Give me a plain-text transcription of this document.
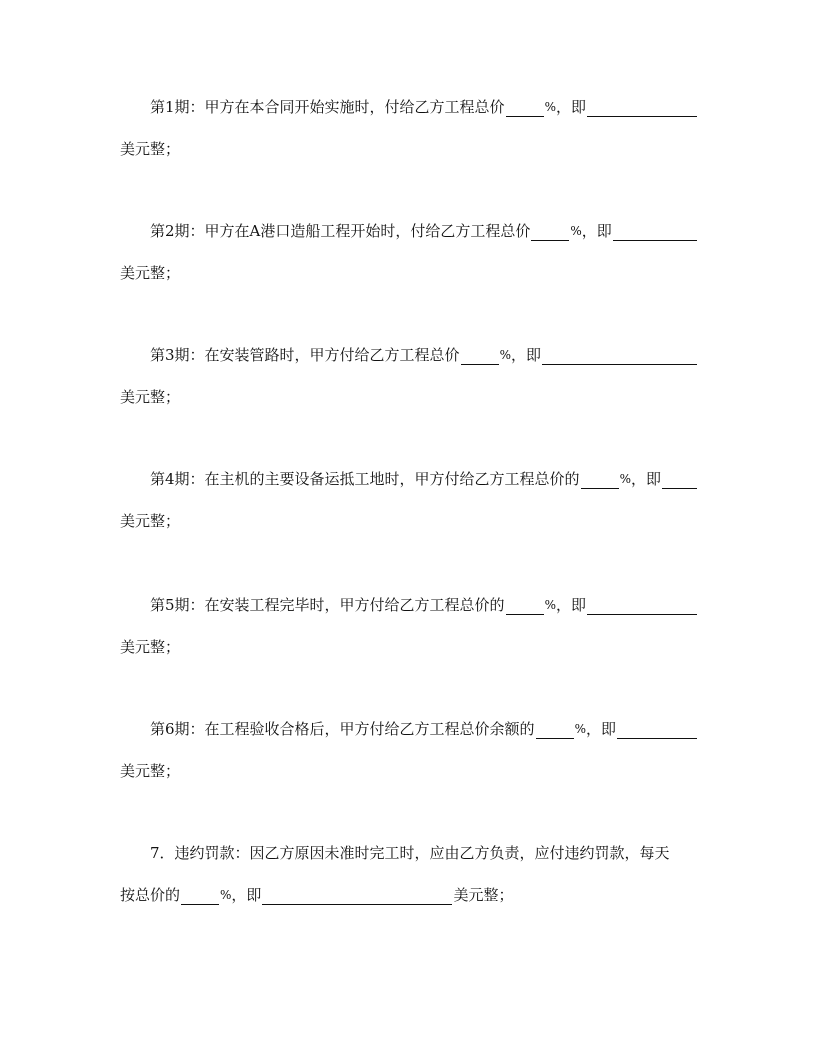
第1期 ：甲方在本合同开始实施时，付给乙方工程总价	% ，即
美元整；
第2期 ：甲方在A港口造船工程开始时，付给乙方工程总价	% ，即
美元整；
第3期 ：在安装管路时，甲方付给乙方工程总价	% ，即
美元整；
第4期 ：在主机的主要设备运抵工地时，甲方付给乙方工程总价的	% ，即
美元整；
第5期 ：在安装工程完毕时，甲方付给乙方工程总价的	% ，即
美元整；
第6期 ：在工程验收合格后，甲方付给乙方工程总价余额的	% ，即
美元整；
7．违约罚款：因乙方原因未准时完工时，应由乙方负责，应付违约罚款，每天
按总价的	% ，即	美元整；
